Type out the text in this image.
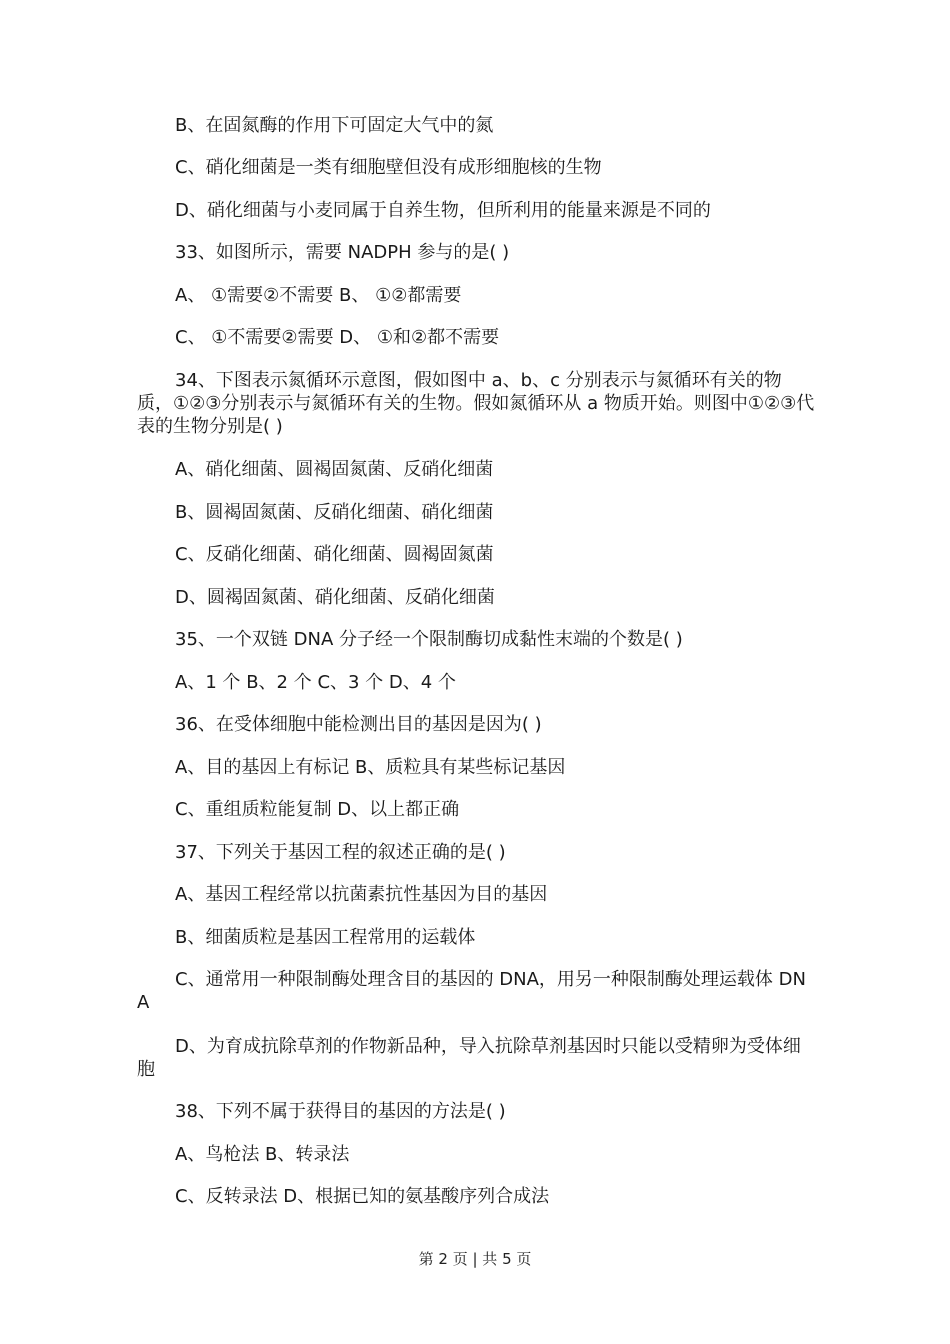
B、在固氮酶的作用下可固定大气中的氮
C、硝化细菌是一类有细胞壁但没有成形细胞核的生物
D、硝化细菌与小麦同属于自养生物，但所利用的能量来源是不同的
33、如图所示，需要 NADPH 参与的是( )
A、 ①需要②不需要 B、 ①②都需要
C、 ①不需要②需要 D、 ①和②都不需要
34、下图表示氮循环示意图，假如图中 a、b、c 分别表示与氮循环有关的物质，①②③分别表示与氮循环有关的生物。假如氮循环从 a 物质开始。则图中①②③代表的生物分别是( )
A、硝化细菌、圆褐固氮菌、反硝化细菌
B、圆褐固氮菌、反硝化细菌、硝化细菌
C、反硝化细菌、硝化细菌、圆褐固氮菌
D、圆褐固氮菌、硝化细菌、反硝化细菌
35、一个双链 DNA 分子经一个限制酶切成黏性末端的个数是( )
A、1 个 B、2 个 C、3 个 D、4 个
36、在受体细胞中能检测出目的基因是因为( )
A、目的基因上有标记 B、质粒具有某些标记基因
C、重组质粒能复制 D、以上都正确
37、下列关于基因工程的叙述正确的是( )
A、基因工程经常以抗菌素抗性基因为目的基因
B、细菌质粒是基因工程常用的运载体
C、通常用一种限制酶处理含目的基因的 DNA，用另一种限制酶处理运载体 DNA
D、为育成抗除草剂的作物新品种，导入抗除草剂基因时只能以受精卵为受体细胞
38、下列不属于获得目的基因的方法是( )
A、鸟枪法 B、转录法
C、反转录法 D、根据已知的氨基酸序列合成法
第 2 页 | 共 5 页
